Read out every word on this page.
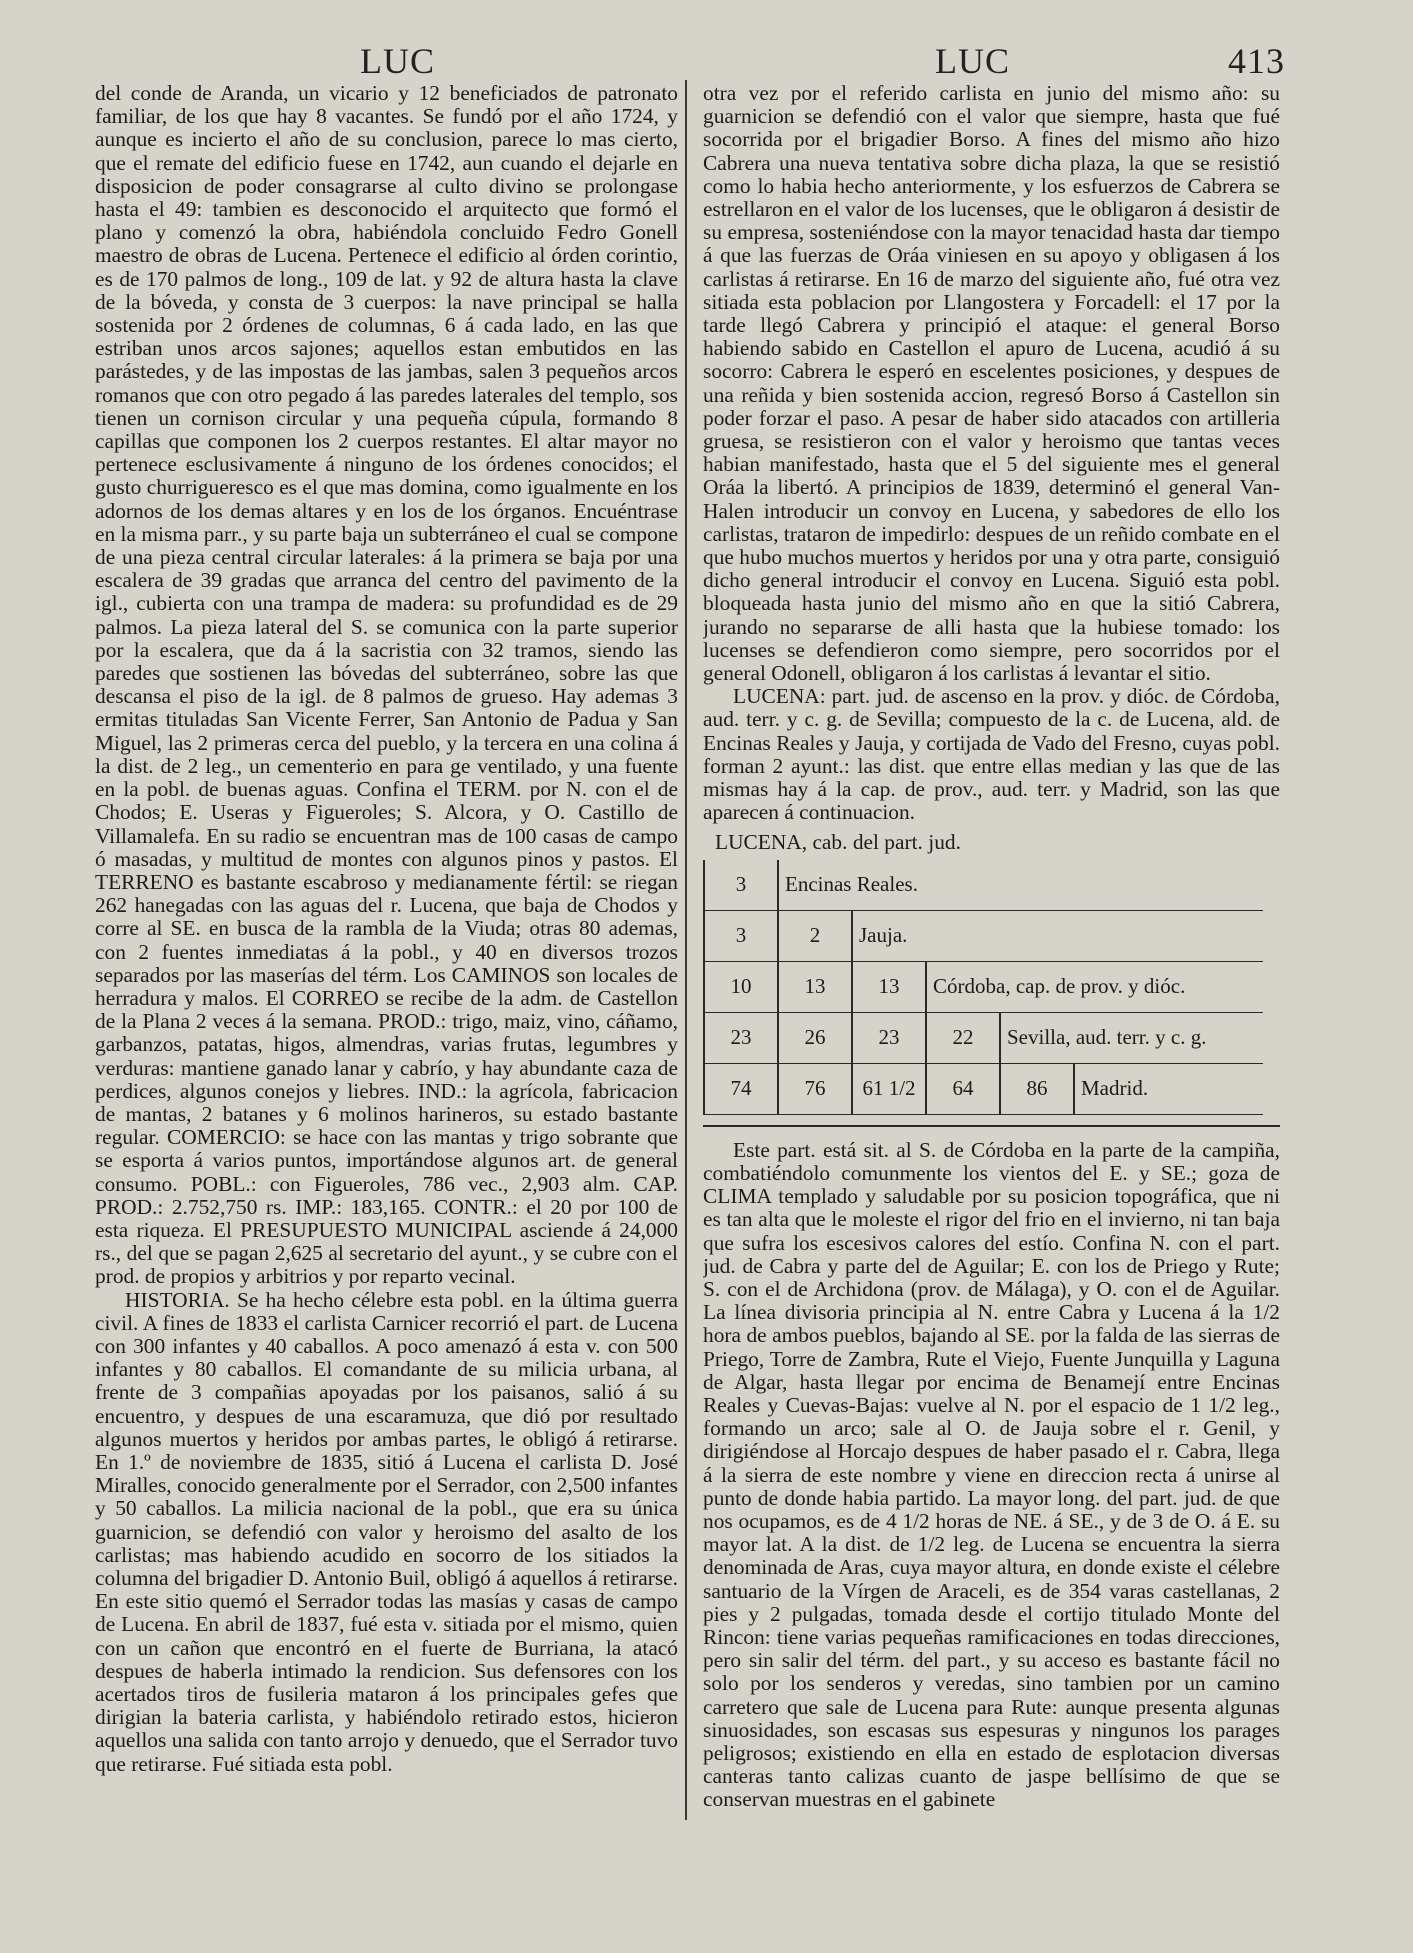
LUC	LUC	413

del conde de Aranda, un vicario y 12 beneficiados de patronato familiar, de los que hay 8 vacantes. Se fundó por el año 1724, y aunque es incierto el año de su conclusion, parece lo mas cierto, que el remate del edificio fuese en 1742, aun cuando el dejarle en disposicion de poder consagrarse al culto divino se prolongase hasta el 49: tambien es desconocido el arquitecto que formó el plano y comenzó la obra, habiéndola concluido Fedro Gonell maestro de obras de Lucena. Pertenece el edificio al órden corintio, es de 170 palmos de long., 109 de lat. y 92 de altura hasta la clave de la bóveda, y consta de 3 cuerpos: la nave principal se halla sostenida por 2 órdenes de columnas, 6 á cada lado, en las que estriban unos arcos sajones; aquellos estan embutidos en las parástedes, y de las impostas de las jambas, salen 3 pequeños arcos romanos que con otro pegado á las paredes laterales del templo, sos tienen un cornison circular y una pequeña cúpula, formando 8 capillas que componen los 2 cuerpos restantes. El altar mayor no pertenece esclusivamente á ninguno de los órdenes conocidos; el gusto churrigueresco es el que mas domina, como igualmente en los adornos de los demas altares y en los de los órganos. Encuéntrase en la misma parr., y su parte baja un subterráneo el cual se compone de una pieza central circular laterales: á la primera se baja por una escalera de 39 gradas que arranca del centro del pavimento de la igl., cubierta con una trampa de madera: su profundidad es de 29 palmos. La pieza lateral del S. se comunica con la parte superior por la escalera, que da á la sacristia con 32 tramos, siendo las paredes que sostienen las bóvedas del subterráneo, sobre las que descansa el piso de la igl. de 8 palmos de grueso. Hay ademas 3 ermitas tituladas San Vicente Ferrer, San Antonio de Padua y San Miguel, las 2 primeras cerca del pueblo, y la tercera en una colina á la dist. de 2 leg., un cementerio en para ge ventilado, y una fuente en la pobl. de buenas aguas. Confina el TERM. por N. con el de Chodos; E. Useras y Figueroles; S. Alcora, y O. Castillo de Villamalefa. En su radio se encuentran mas de 100 casas de campo ó masadas, y multitud de montes con algunos pinos y pastos. El TERRENO es bastante escabroso y medianamente fértil: se riegan 262 hanegadas con las aguas del r. Lucena, que baja de Chodos y corre al SE. en busca de la rambla de la Viuda; otras 80 ademas, con 2 fuentes inmediatas á la pobl., y 40 en diversos trozos separados por las maserías del térm. Los CAMINOS son locales de herradura y malos. El CORREO se recibe de la adm. de Castellon de la Plana 2 veces á la semana. PROD.: trigo, maiz, vino, cáñamo, garbanzos, patatas, higos, almendras, varias frutas, legumbres y verduras: mantiene ganado lanar y cabrío, y hay abundante caza de perdices, algunos conejos y liebres. IND.: la agrícola, fabricacion de mantas, 2 batanes y 6 molinos harineros, su estado bastante regular. COMERCIO: se hace con las mantas y trigo sobrante que se esporta á varios puntos, importándose algunos art. de general consumo. POBL.: con Figueroles, 786 vec., 2,903 alm. CAP. PROD.: 2.752,750 rs. IMP.: 183,165. CONTR.: el 20 por 100 de esta riqueza. El PRESUPUESTO MUNICIPAL asciende á 24,000 rs., del que se pagan 2,625 al secretario del ayunt., y se cubre con el prod. de propios y arbitrios y por reparto vecinal.

HISTORIA. Se ha hecho célebre esta pobl. en la última guerra civil. A fines de 1833 el carlista Carnicer recorrió el part. de Lucena con 300 infantes y 40 caballos. A poco amenazó á esta v. con 500 infantes y 80 caballos. El comandante de su milicia urbana, al frente de 3 compañias apoyadas por los paisanos, salió á su encuentro, y despues de una escaramuza, que dió por resultado algunos muertos y heridos por ambas partes, le obligó á retirarse. En 1.º de noviembre de 1835, sitió á Lucena el carlista D. José Miralles, conocido generalmente por el Serrador, con 2,500 infantes y 50 caballos. La milicia nacional de la pobl., que era su única guarnicion, se defendió con valor y heroismo del asalto de los carlistas; mas habiendo acudido en socorro de los sitiados la columna del brigadier D. Antonio Buil, obligó á aquellos á retirarse. En este sitio quemó el Serrador todas las masías y casas de campo de Lucena. En abril de 1837, fué esta v. sitiada por el mismo, quien con un cañon que encontró en el fuerte de Burriana, la atacó despues de haberla intimado la rendicion. Sus defensores con los acertados tiros de fusileria mataron á los principales gefes que dirigian la bateria carlista, y habiéndolo retirado estos, hicieron aquellos una salida con tanto arrojo y denuedo, que el Serrador tuvo que retirarse. Fué sitiada esta pobl.

otra vez por el referido carlista en junio del mismo año: su guarnicion se defendió con el valor que siempre, hasta que fué socorrida por el brigadier Borso. A fines del mismo año hizo Cabrera una nueva tentativa sobre dicha plaza, la que se resistió como lo habia hecho anteriormente, y los esfuerzos de Cabrera se estrellaron en el valor de los lucenses, que le obligaron á desistir de su empresa, sosteniéndose con la mayor tenacidad hasta dar tiempo á que las fuerzas de Oráa viniesen en su apoyo y obligasen á los carlistas á retirarse. En 16 de marzo del siguiente año, fué otra vez sitiada esta poblacion por Llangostera y Forcadell: el 17 por la tarde llegó Cabrera y principió el ataque: el general Borso habiendo sabido en Castellon el apuro de Lucena, acudió á su socorro: Cabrera le esperó en escelentes posiciones, y despues de una reñida y bien sostenida accion, regresó Borso á Castellon sin poder forzar el paso. A pesar de haber sido atacados con artilleria gruesa, se resistieron con el valor y heroismo que tantas veces habian manifestado, hasta que el 5 del siguiente mes el general Oráa la libertó. A principios de 1839, determinó el general Van-Halen introducir un convoy en Lucena, y sabedores de ello los carlistas, trataron de impedirlo: despues de un reñido combate en el que hubo muchos muertos y heridos por una y otra parte, consiguió dicho general introducir el convoy en Lucena. Siguió esta pobl. bloqueada hasta junio del mismo año en que la sitió Cabrera, jurando no separarse de alli hasta que la hubiese tomado: los lucenses se defendieron como siempre, pero socorridos por el general Odonell, obligaron á los carlistas á levantar el sitio.

LUCENA: part. jud. de ascenso en la prov. y dióc. de Córdoba, aud. terr. y c. g. de Sevilla; compuesto de la c. de Lucena, ald. de Encinas Reales y Jauja, y cortijada de Vado del Fresno, cuyas pobl. forman 2 ayunt.: las dist. que entre ellas median y las que de las mismas hay á la cap. de prov., aud. terr. y Madrid, son las que aparecen á continuacion.

LUCENA, cab. del part. jud.
3	Encinas Reales.				
3	2	Jauja.			
10	13	13	Córdoba, cap. de prov. y dióc.		
23	26	23	22	Sevilla, aud. terr. y c. g.	
74	76	61 1/2	64	86	Madrid.

Este part. está sit. al S. de Córdoba en la parte de la campiña, combatiéndolo comunmente los vientos del E. y SE.; goza de CLIMA templado y saludable por su posicion topográfica, que ni es tan alta que le moleste el rigor del frio en el invierno, ni tan baja que sufra los escesivos calores del estío. Confina N. con el part. jud. de Cabra y parte del de Aguilar; E. con los de Priego y Rute; S. con el de Archidona (prov. de Málaga), y O. con el de Aguilar. La línea divisoria principia al N. entre Cabra y Lucena á la 1/2 hora de ambos pueblos, bajando al SE. por la falda de las sierras de Priego, Torre de Zambra, Rute el Viejo, Fuente Junquilla y Laguna de Algar, hasta llegar por encima de Benamejí entre Encinas Reales y Cuevas-Bajas: vuelve al N. por el espacio de 1 1/2 leg., formando un arco; sale al O. de Jauja sobre el r. Genil, y dirigiéndose al Horcajo despues de haber pasado el r. Cabra, llega á la sierra de este nombre y viene en direccion recta á unirse al punto de donde habia partido. La mayor long. del part. jud. de que nos ocupamos, es de 4 1/2 horas de NE. á SE., y de 3 de O. á E. su mayor lat. A la dist. de 1/2 leg. de Lucena se encuentra la sierra denominada de Aras, cuya mayor altura, en donde existe el célebre santuario de la Vírgen de Araceli, es de 354 varas castellanas, 2 pies y 2 pulgadas, tomada desde el cortijo titulado Monte del Rincon: tiene varias pequeñas ramificaciones en todas direcciones, pero sin salir del térm. del part., y su acceso es bastante fácil no solo por los senderos y veredas, sino tambien por un camino carretero que sale de Lucena para Rute: aunque presenta algunas sinuosidades, son escasas sus espesuras y ningunos los parages peligrosos; existiendo en ella en estado de esplotacion diversas canteras tanto calizas cuanto de jaspe bellísimo de que se conservan muestras en el gabinete
